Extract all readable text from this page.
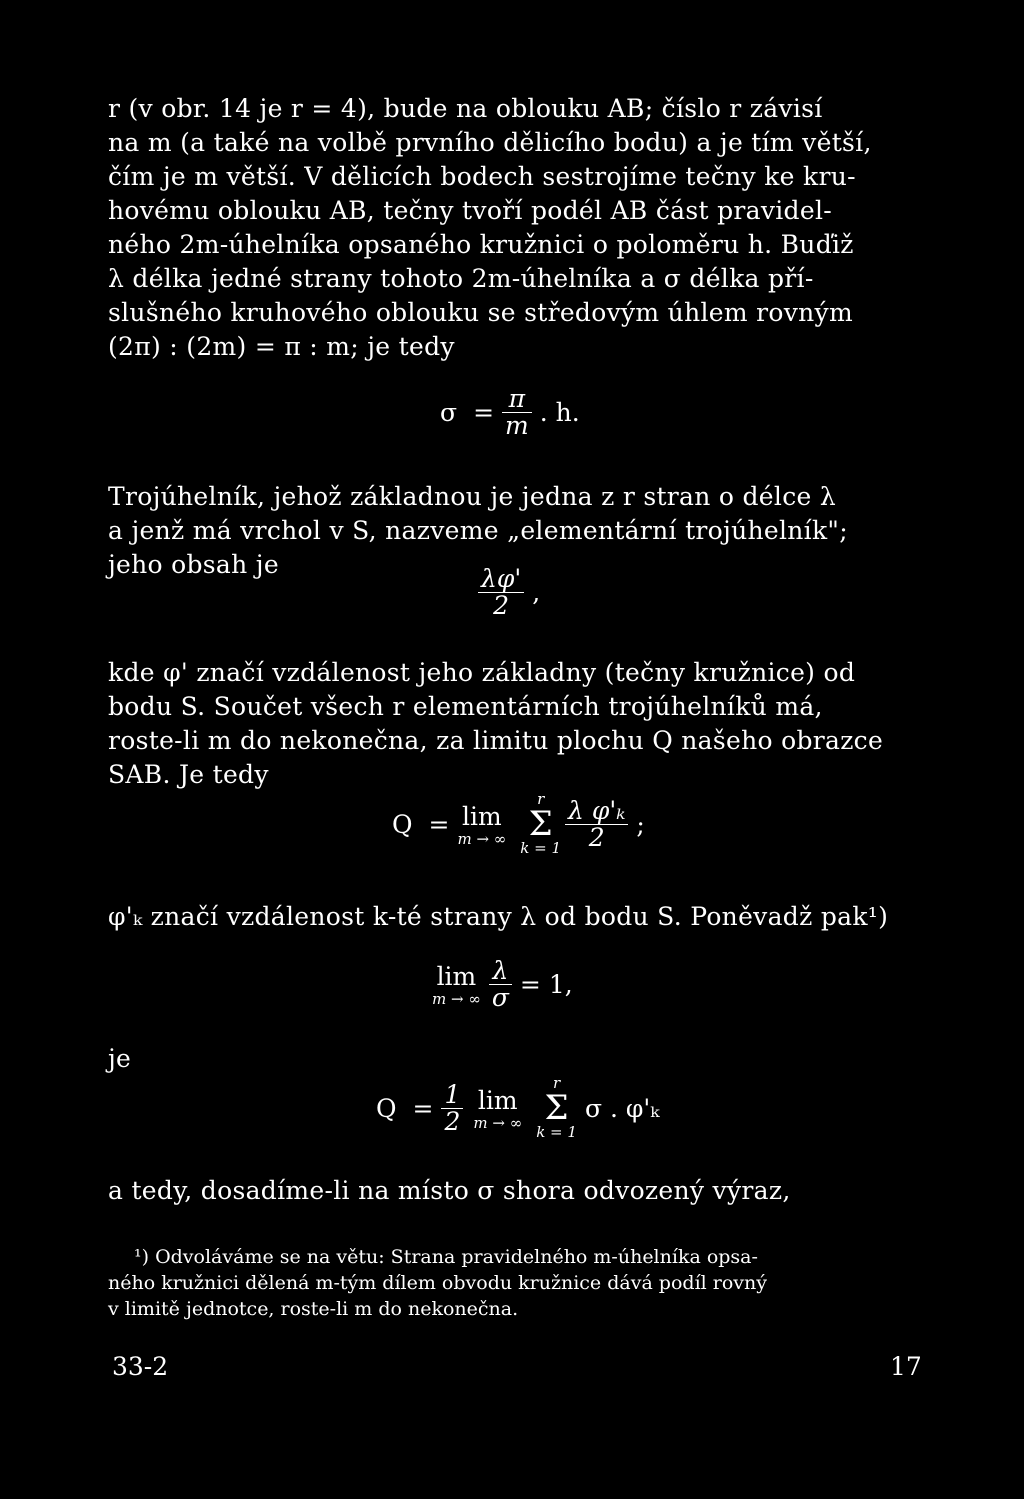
r (v obr. 14 je r = 4), bude na oblouku AB; číslo r závisí
na m (a také na volbě prvního dělicího bodu) a je tím větší,
čím je m větší. V dělicích bodech sestrojíme tečny ke kru-
hovému oblouku AB, tečny tvoří podél AB část pravidel-
ného 2m-úhelníka opsaného kružnici o poloměru h. Buďiž
λ délka jedné strany tohoto 2m-úhelníka a σ délka pří-
slušného kruhového oblouku se středovým úhlem rovným
(2π) : (2m) = π : m; je tedy

$\sigma = \frac{\pi}{m}$ . h.

Trojúhelník, jehož základnou je jedna z r stran o délce λ
a jenž má vrchol v S, nazveme „elementární trojúhelník";
jeho obsah je

$\frac{\lambda\varphi'}{2}$ ,

kde φ' značí vzdálenost jeho základny (tečny kružnice) od
bodu S. Součet všech r elementárních trojúhelníků má,
roste-li m do nekonečna, za limitu plochu Q našeho obrazce
SAB. Je tedy

Q = lim
m → ∞
r
Σ
$k = 1 \frac{\text{λ φ'ₖ}}{2}$ ;

φ'ₖ značí vzdálenost k-té strany λ od bodu S. Poněvadž pak¹)

lim
m → ∞ $\frac{\lambda}{\sigma} = 1$,
je
$Q = \frac{1}{2}$ lim
m → ∞
r
Σ
k = 1
σ . φ'ₖ

a tedy, dosadíme-li na místo σ shora odvozený výraz,

¹) Odvoláváme se na větu: Strana pravidelného m-úhelníka opsa-
ného kružnici dělená m-tým dílem obvodu kružnice dává podíl rovný
v limitě jednotce, roste-li m do nekonečna.

33-2	17
